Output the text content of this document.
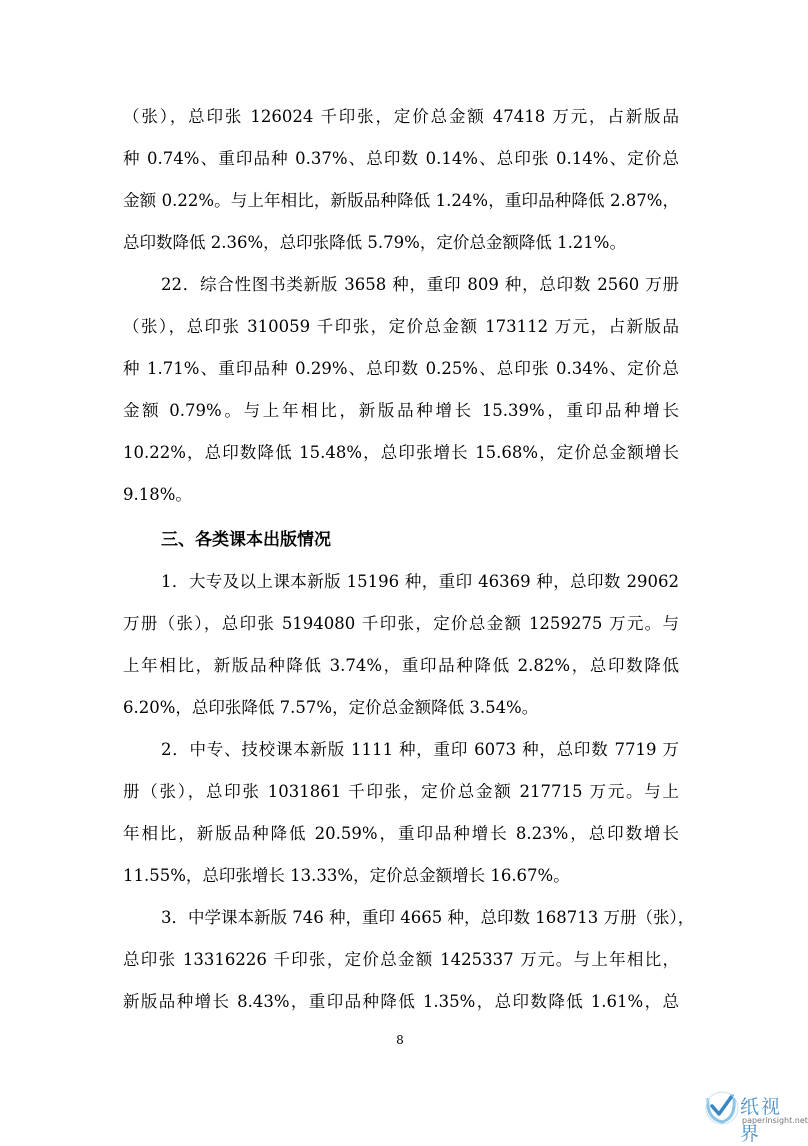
（张），总印张 126024 千印张，定价总金额 47418 万元，占新版品
种 0.74%、重印品种 0.37%、总印数 0.14%、总印张 0.14%、定价总
金额 0.22%。与上年相比，新版品种降低 1.24%，重印品种降低 2.87%，
总印数降低 2.36%，总印张降低 5.79%，定价总金额降低 1.21%。
22．综合性图书类新版 3658 种，重印 809 种，总印数 2560 万册
（张），总印张 310059 千印张，定价总金额 173112 万元，占新版品
种 1.71%、重印品种 0.29%、总印数 0.25%、总印张 0.34%、定价总
金额 0.79%。与上年相比，新版品种增长 15.39%，重印品种增长
10.22%，总印数降低 15.48%，总印张增长 15.68%，定价总金额增长
9.18%。
三、各类课本出版情况
1．大专及以上课本新版 15196 种，重印 46369 种，总印数 29062
万册（张），总印张 5194080 千印张，定价总金额 1259275 万元。与
上年相比，新版品种降低 3.74%，重印品种降低 2.82%，总印数降低
6.20%，总印张降低 7.57%，定价总金额降低 3.54%。
2．中专、技校课本新版 1111 种，重印 6073 种，总印数 7719 万
册（张），总印张 1031861 千印张，定价总金额 217715 万元。与上
年相比，新版品种降低 20.59%，重印品种增长 8.23%，总印数增长
11.55%，总印张增长 13.33%，定价总金额增长 16.67%。
3．中学课本新版 746 种，重印 4665 种，总印数 168713 万册（张），
总印张 13316226 千印张，定价总金额 1425337 万元。与上年相比，
新版品种增长 8.43%，重印品种降低 1.35%，总印数降低 1.61%，总
8
纸视界
paperinsight.net
